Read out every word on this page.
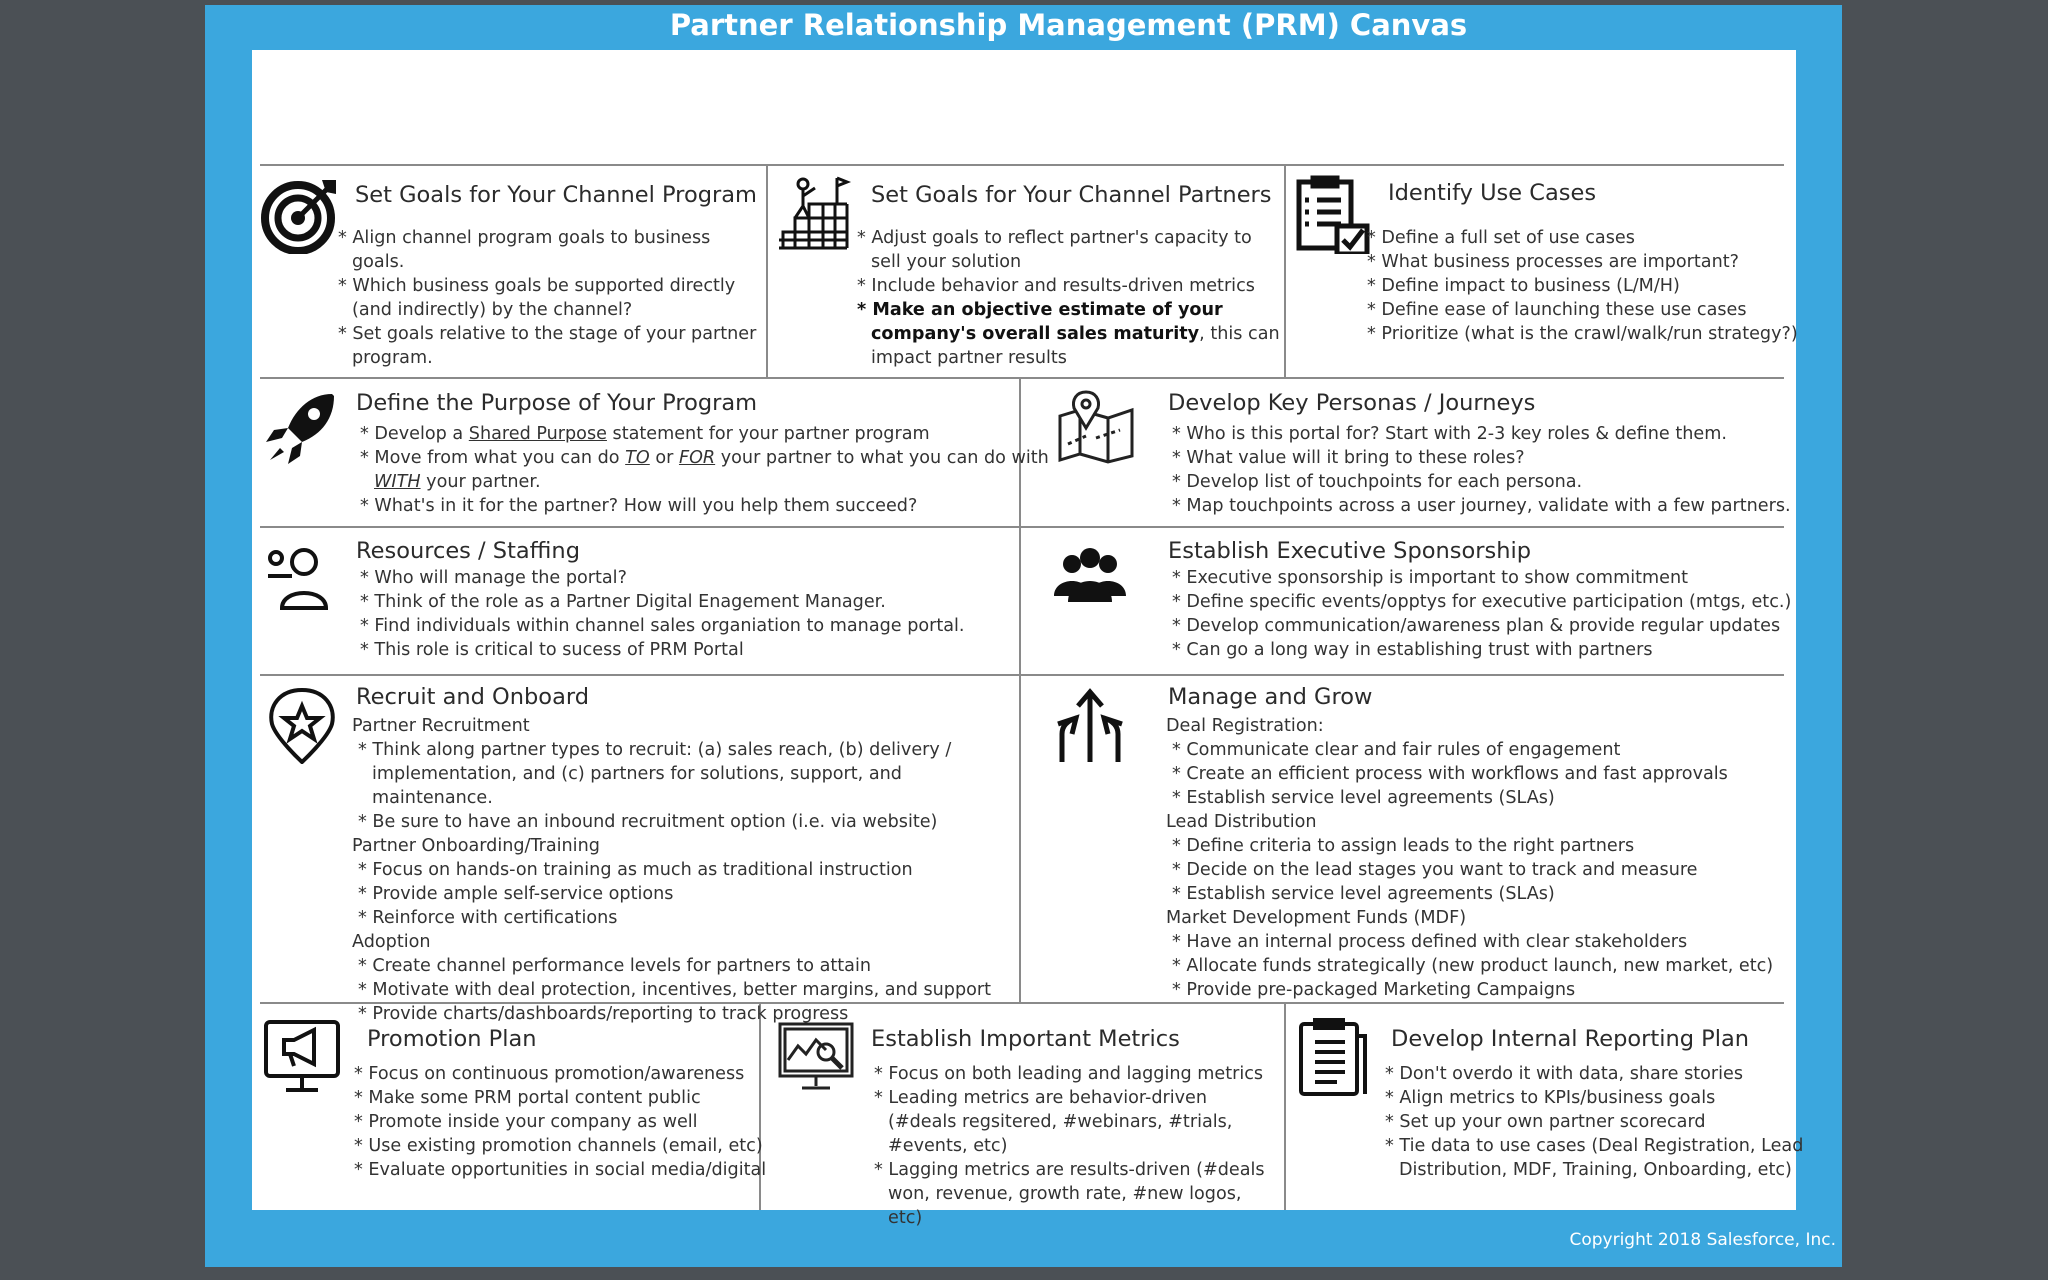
Partner Relationship Management (PRM) Canvas
Copyright 2018 Salesforce, Inc.
Set Goals for Your Channel Program
* Align channel program goals to business goals.
* Which business goals be supported directly (and indirectly) by the channel?
* Set goals relative to the stage of your partner program.
Set Goals for Your Channel Partners
* Adjust goals to reflect partner's capacity to sell your solution
* Include behavior and results-driven metrics
* Make an objective estimate of your company's overall sales maturity, this can impact partner results
Identify Use Cases
* Define a full set of use cases
* What business processes are important?
* Define impact to business (L/M/H)
* Define ease of launching these use cases
* Prioritize (what is the crawl/walk/run strategy?)
Define the Purpose of Your Program
* Develop a Shared Purpose statement for your partner program
* Move from what you can do TO or FOR your partner to what you can do with WITH your partner.
* What's in it for the partner? How will you help them succeed?
Develop Key Personas / Journeys
* Who is this portal for? Start with 2-3 key roles & define them.
* What value will it bring to these roles?
* Develop list of touchpoints for each persona.
* Map touchpoints across a user journey, validate with a few partners.
Resources / Staffing
* Who will manage the portal?
* Think of the role as a Partner Digital Enagement Manager.
* Find individuals within channel sales organiation to manage portal.
* This role is critical to sucess of PRM Portal
Establish Executive Sponsorship
* Executive sponsorship is important to show commitment
* Define specific events/opptys for executive participation (mtgs, etc.)
* Develop communication/awareness plan & provide regular updates
* Can go a long way in establishing trust with partners
Recruit and Onboard
Partner Recruitment
* Think along partner types to recruit: (a) sales reach, (b) delivery / implementation, and (c) partners for solutions, support, and maintenance.
* Be sure to have an inbound recruitment option (i.e. via website)
Partner Onboarding/Training
* Focus on hands-on training as much as traditional instruction
* Provide ample self-service options
* Reinforce with certifications
Adoption
* Create channel performance levels for partners to attain
* Motivate with deal protection, incentives, better margins, and support
* Provide charts/dashboards/reporting to track progress
Manage and Grow
Deal Registration:
* Communicate clear and fair rules of engagement
* Create an efficient process with workflows and fast approvals
* Establish service level agreements (SLAs)
Lead Distribution
* Define criteria to assign leads to the right partners
* Decide on the lead stages you want to track and measure
* Establish service level agreements (SLAs)
Market Development Funds (MDF)
* Have an internal process defined with clear stakeholders
* Allocate funds strategically (new product launch, new market, etc)
* Provide pre-packaged Marketing Campaigns
Promotion Plan
* Focus on continuous promotion/awareness
* Make some PRM portal content public
* Promote inside your company as well
* Use existing promotion channels (email, etc)
* Evaluate opportunities in social media/digital
Establish Important Metrics
* Focus on both leading and lagging metrics
* Leading metrics are behavior-driven (#deals regsitered, #webinars, #trials, #events, etc)
* Lagging metrics are results-driven (#deals won, revenue, growth rate, #new logos, etc)
Develop Internal Reporting Plan
* Don't overdo it with data, share stories
* Align metrics to KPIs/business goals
* Set up your own partner scorecard
* Tie data to use cases (Deal Registration, Lead Distribution, MDF, Training, Onboarding, etc)
